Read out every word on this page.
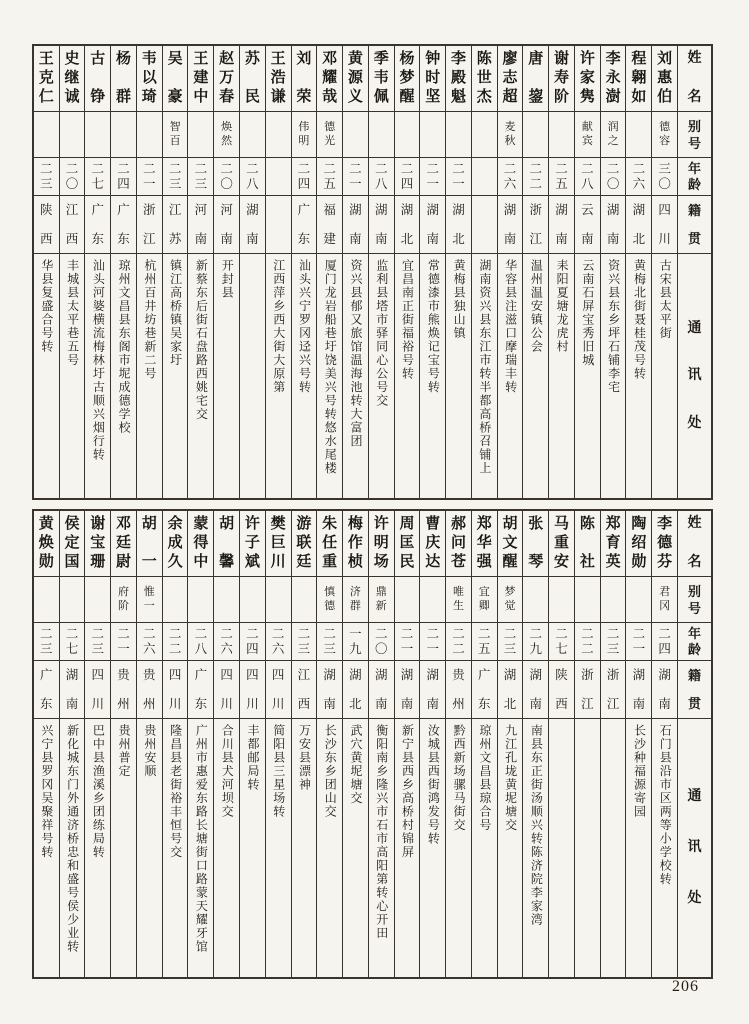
姓
名
别
号
年
龄
籍
贯
通
讯
处
刘
惠
伯
德
容
三
〇
四
川
古宋县太平街
程
翱
如
二
六
湖
北
黄梅北街聂桂茂号转
李
永
澍
润
之
二
〇
湖
南
资兴县东乡坪石铺李宅
许
家
隽
献
宾
二
八
云
南
云南石屏宝秀旧城
谢
寿
阶
二
五
湖
南
耒阳夏塘龙虎村
唐
鋆
二
二
浙
江
温州温安镇公会
廖
志
超
麦
秋
二
六
湖
南
华容县注滋口摩瑞丰转
陈
世
杰
湖南资兴县东江市转半都高桥召铺上
李
殿
魁
二
一
湖
北
黄梅县独山镇
钟
时
坚
二
一
湖
南
常德漆市熊焕记宝号转
杨
梦
醒
二
四
湖
北
宜昌南正街福裕号转
季
韦
佩
二
八
湖
南
监利县塔市驿同心公号交
黄
源
义
二
一
湖
南
资兴县郁又旅馆温海池转大富团
邓
耀
哉
德
光
二
五
福
建
厦门龙岩船巷圩饶美兴号转悠水尾楼
刘
荣
伟
明
二
四
广
东
汕头兴宁罗冈迳兴号转
王
浩
谦
江西萍乡西大街大原第
苏
民
二
八
湖
南
赵
万
春
焕
然
二
〇
河
南
开封县
王
建
中
二
三
河
南
新蔡东后街石盘路西姚宅交
吴
豪
智
百
二
三
江
苏
镇江高桥镇吴家圩
韦
以
琦
二
一
浙
江
杭州百井坊巷新二号
杨
群
二
四
广
东
琼州文昌县东阁市坭成德学校
古
铮
二
七
广
东
汕头河婆横流梅林圩古顺兴烟行转
史
继
诚
二
〇
江
西
丰城县太平巷五号
王
克
仁
二
三
陕
西
华县复盛合号转
姓
名
别
号
年
龄
籍
贯
通
讯
处
李
德
芬
君
冈
二
四
湖
南
石门县沿市区两等小学校转
陶
绍
勋
二
一
湖
南
长沙种福源寄园
郑
育
英
二
三
浙
江
陈
社
二
二
浙
江
马
重
安
二
七
陕
西
张
琴
二
九
湖
南
南县东正街汤顺兴转陈济院李家湾
胡
文
醒
梦
觉
二
三
湖
北
九江孔垅黄坭塘交
郑
华
强
宜
卿
二
五
广
东
琼州文昌县琼合号
郝
问
苍
唯
生
二
二
贵
州
黔西新场骡马街交
曹
庆
达
二
一
湖
南
汝城县西街鸿发号转
周
匡
民
二
一
湖
南
新宁县西乡高桥村锦屏
许
明
场
鼎
新
二
〇
湖
南
衡阳南乡隆兴市石市高阳第转心开田
梅
作
桢
济
群
一
九
湖
北
武穴黄坭塘交
朱
任
重
慎
德
二
三
湖
南
长沙东乡团山交
游
联
廷
二
三
江
西
万安县漂神
樊
巨
川
二
六
四
川
简阳县三星场转
许
子
斌
二
四
四
川
丰都邮局转
胡
馨
二
六
四
川
合川县犬河坝交
蒙
得
中
二
八
广
东
广州市惠爱东路长塘街口路蒙天耀牙馆
余
成
久
二
二
四
川
隆昌县老街裕丰恒号交
胡
一
惟
一
二
六
贵
州
贵州安顺
邓
廷
尉
府
阶
二
一
贵
州
贵州普定
谢
宝
珊
二
三
四
川
巴中县渔溪乡团练局转
侯
定
国
二
七
湖
南
新化城东门外通济桥忠和盛号侯少业转
黄
焕
勋
二
三
广
东
兴宁县罗冈吴聚祥号转
206
